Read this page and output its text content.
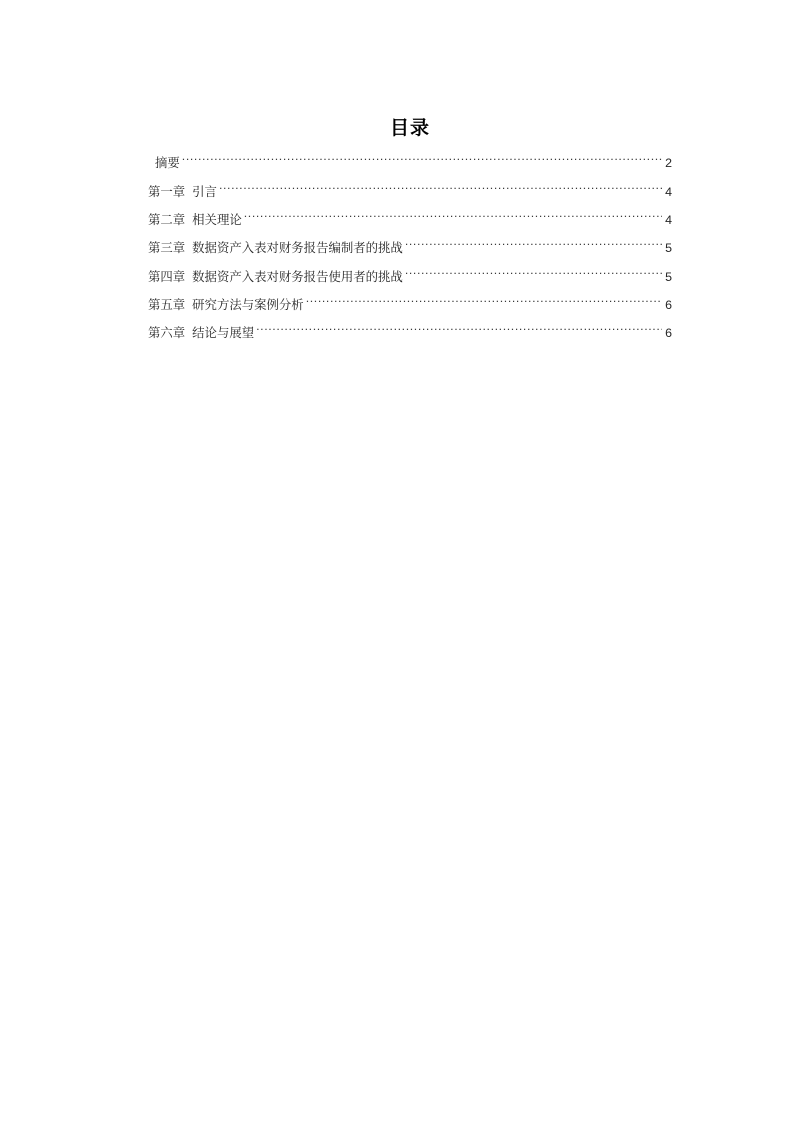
目录
摘要 .....	2
第一章 引言 .....	4
第二章 相关理论 .....	4
第三章 数据资产入表对财务报告编制者的挑战 .....	5
第四章 数据资产入表对财务报告使用者的挑战 .....	5
第五章 研究方法与案例分析 .....	6
第六章 结论与展望 .....	6
